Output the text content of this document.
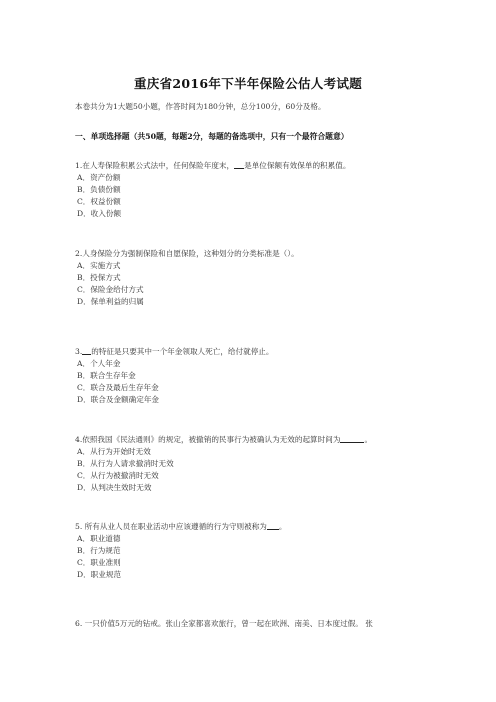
重庆省2016年下半年保险公估人考试题
本卷共分为1大题50小题，作答时间为180分钟，总分100分，60分及格。
一、单项选择题（共50题，每题2分，每题的备选项中，只有一个最符合题意）
1.在人寿保险积累公式法中，任何保险年度末， 是单位保额有效保单的积累值。
A．资产份额
B．负债份额
C．权益份额
D．收入份额
2.人身保险分为强制保险和自愿保险，这种划分的分类标准是（）。
A．实施方式
B．投保方式
C．保险金给付方式
D．保单利益的归属
3. 的特征是只要其中一个年金领取人死亡，给付就停止。
A．个人年金
B．联合生存年金
C．联合及最后生存年金
D．联合及金额确定年金
4.依照我国《民法通则》的规定，被撤销的民事行为被确认为无效的起算时间为	。
A．从行为开始时无效
B．从行为人请求撤消时无效
C．从行为被撤消时无效
D．从判决生效时无效
5. 所有从业人员在职业活动中应该遵循的行为守则被称为 。
A．职业道德
B．行为规范
C．职业准则
D．职业规范
6. 一只价值5万元的钻戒。张山全家都喜欢旅行，曾一起在欧洲、南美、日本度过假。 张
